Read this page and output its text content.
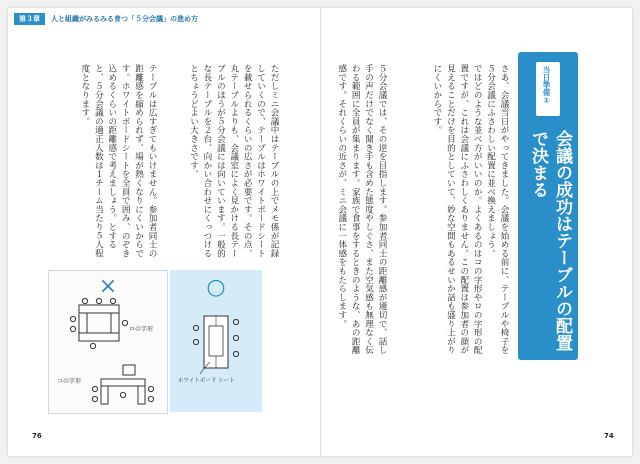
第３章	人と組織がみるみる育つ「５分会議」の進め方
当日準備①
会議の成功はテーブルの配置で決まる
さあ、会議当日がやってきました。会議を始める前に、テーブルや椅子を５分会議にふさわしい配置に並べ換えましょう。
ではどのような並べ方がいいのか。よくあるのはコの字形やロの字形の配置ですが、これは会議にふさわしくありません。この配置は参加者の顔が見えることだけを目的としていて、妙な空間もあるせいか話も盛り上がりにくいからです。
５分会議では、その逆を目指します。参加者同士の距離感が適切で、話し手の声だけでなく聞き手も含めた態度やしぐさ、また空気感も無理なく伝わる範囲に全員が集まります。家族で食事をするときのような、あの距離感です。それくらいの近さが、ミニ会議に一体感をもたらします。
74
ただしミニ会議中はテーブルの上でメモ係が記録していくので、テーブルはホワイトボードシートを載せられるくらいの広さが必要です。その点、丸テーブルよりも、会議室によく見かける長テーブルのほうが５分会議には向いています。一般的な長テーブルを２台、向かい合わせにくっつけるとちょうどよい大きさです。
テーブルは広すぎてもいけません。参加者同士の距離感を縮められず、場が熱くなりにくいからです。ホワイトボードシートを全員で囲み、のぞき込めるくらいの距離感で考えましょう。とすると、５分会議の適正人数は１チーム当たり５人程度となります。
×
ロの字形
コの字形
○
ホワイトボード シート
76
